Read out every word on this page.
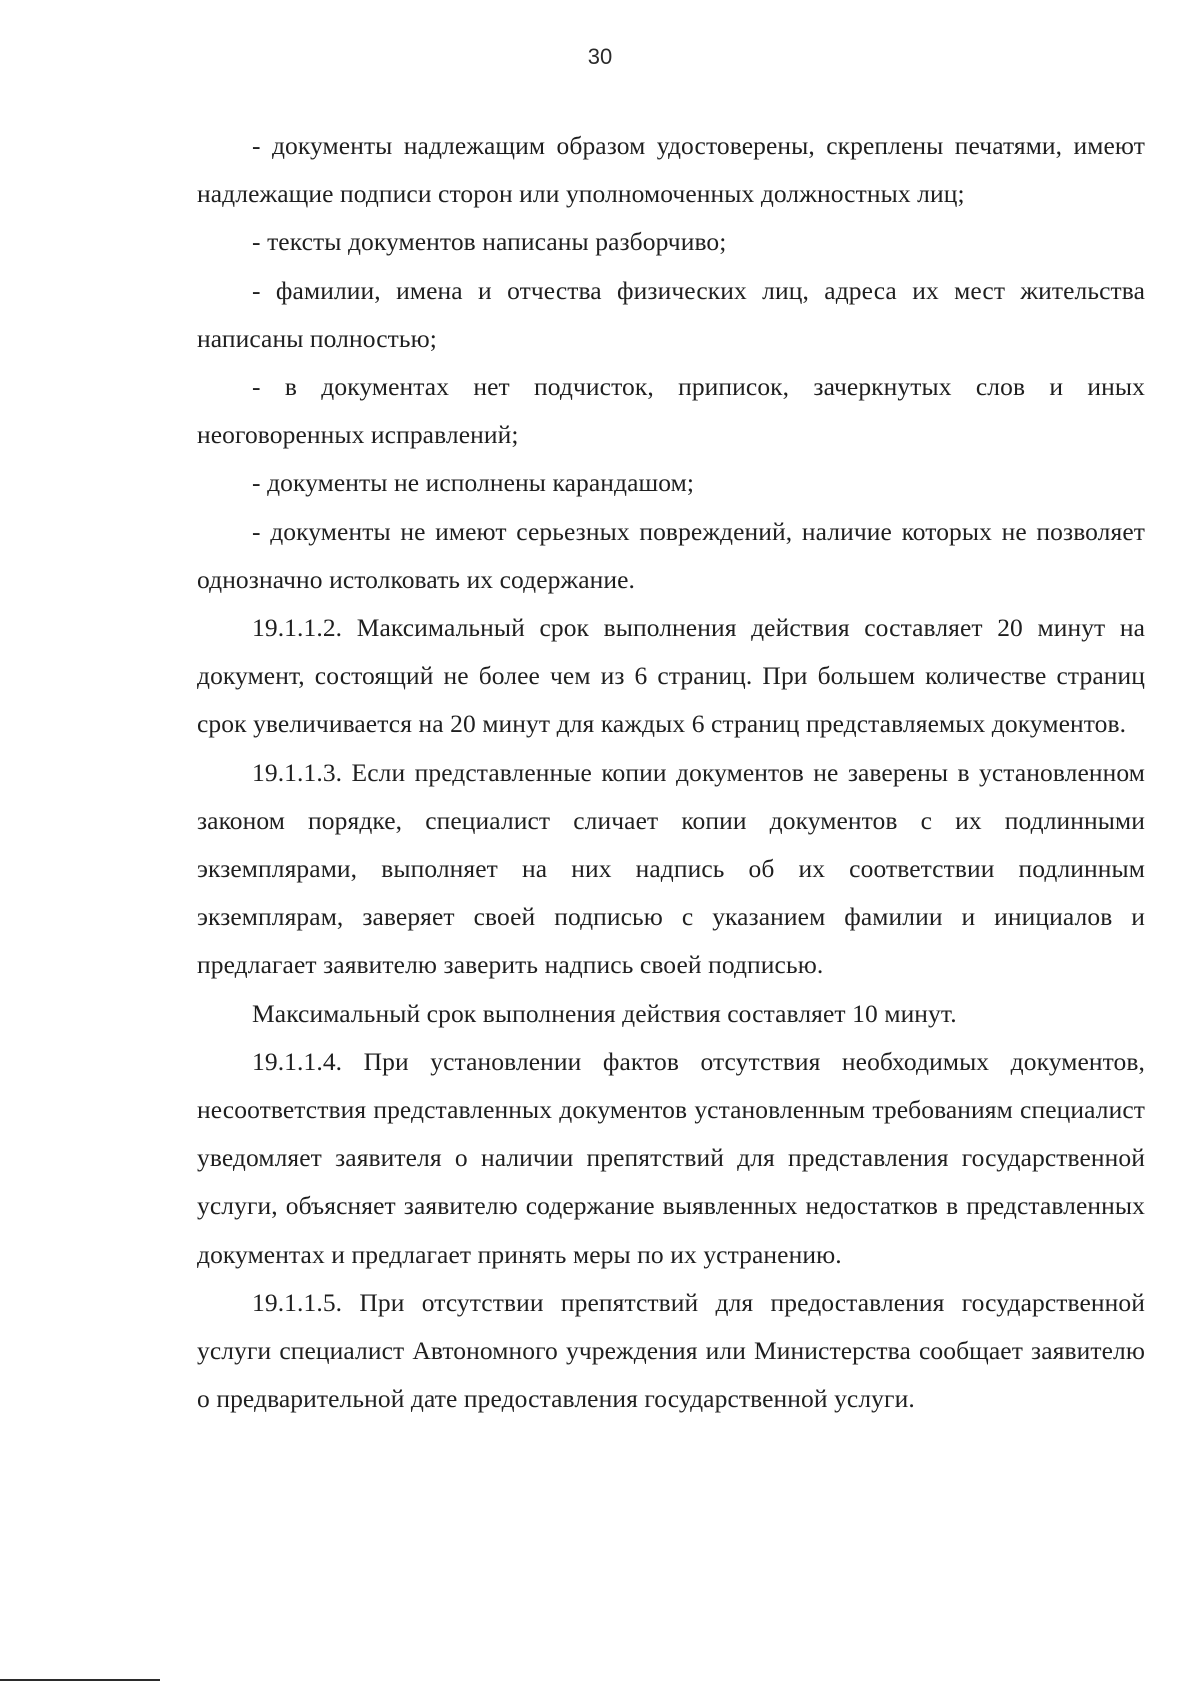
30

- документы надлежащим образом удостоверены, скреплены печатями, имеют надлежащие подписи сторон или уполномоченных должностных лиц;

- тексты документов написаны разборчиво;

- фамилии, имена и отчества физических лиц, адреса их мест жительства написаны полностью;

- в документах нет подчисток, приписок, зачеркнутых слов и иных неоговоренных исправлений;

- документы не исполнены карандашом;

- документы не имеют серьезных повреждений, наличие которых не позволяет однозначно истолковать их содержание.

19.1.1.2. Максимальный срок выполнения действия составляет 20 минут на документ, состоящий не более чем из 6 страниц. При большем количестве страниц срок увеличивается на 20 минут для каждых 6 страниц представляемых документов.

19.1.1.3. Если представленные копии документов не заверены в установленном законом порядке, специалист сличает копии документов с их подлинными экземплярами, выполняет на них надпись об их соответствии подлинным экземплярам, заверяет своей подписью с указанием фамилии и инициалов и предлагает заявителю заверить надпись своей подписью.

Максимальный срок выполнения действия составляет 10 минут.

19.1.1.4. При установлении фактов отсутствия необходимых документов, несоответствия представленных документов установленным требованиям специалист уведомляет заявителя о наличии препятствий для представления государственной услуги, объясняет заявителю содержание выявленных недостатков в представленных документах и предлагает принять меры по их устранению.

19.1.1.5. При отсутствии препятствий для предоставления государственной услуги специалист Автономного учреждения или Министерства сообщает заявителю о предварительной дате предоставления государственной услуги.
